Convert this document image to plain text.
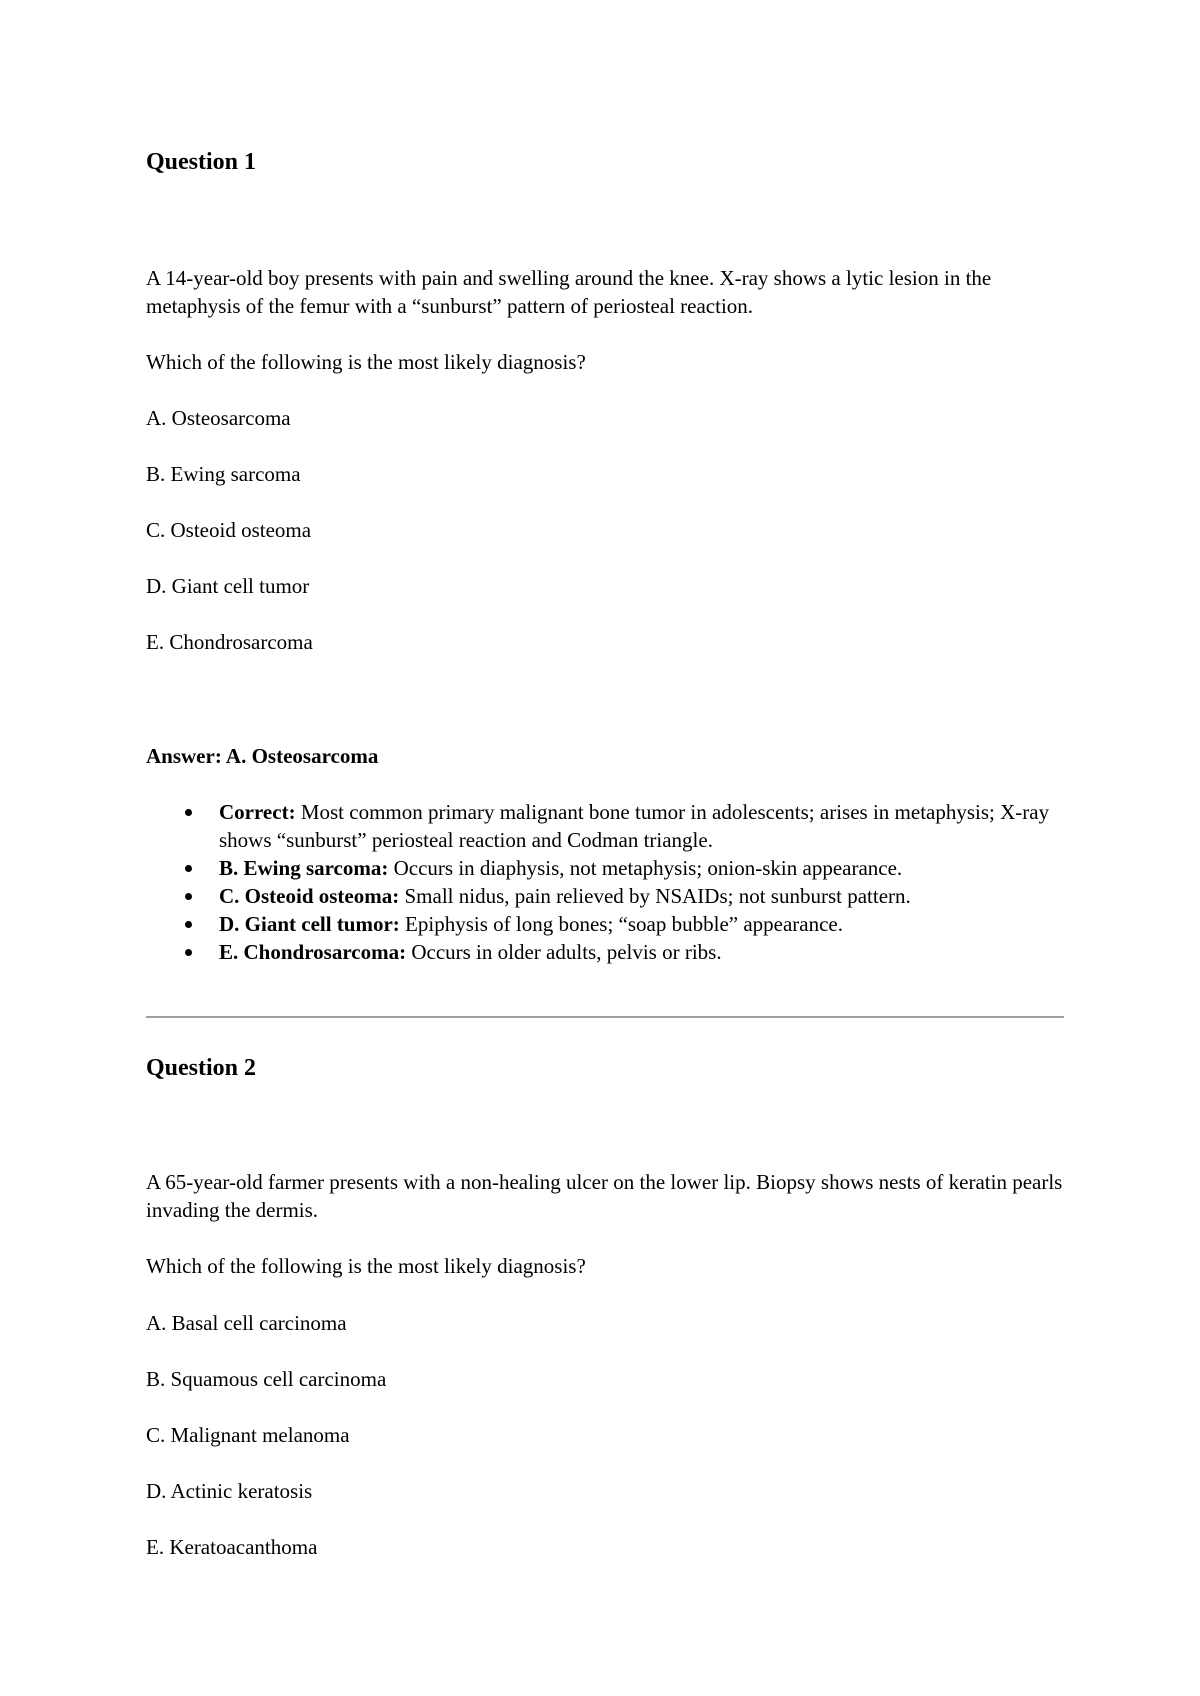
Question 1

A 14-year-old boy presents with pain and swelling around the knee. X-ray shows a lytic lesion in the metaphysis of the femur with a “sunburst” pattern of periosteal reaction.

Which of the following is the most likely diagnosis?

A. Osteosarcoma

B. Ewing sarcoma

C. Osteoid osteoma

D. Giant cell tumor

E. Chondrosarcoma

Answer: A. Osteosarcoma

Correct: Most common primary malignant bone tumor in adolescents; arises in metaphysis; X-ray shows “sunburst” periosteal reaction and Codman triangle.
B. Ewing sarcoma: Occurs in diaphysis, not metaphysis; onion-skin appearance.
C. Osteoid osteoma: Small nidus, pain relieved by NSAIDs; not sunburst pattern.
D. Giant cell tumor: Epiphysis of long bones; “soap bubble” appearance.
E. Chondrosarcoma: Occurs in older adults, pelvis or ribs.
Question 2

A 65-year-old farmer presents with a non-healing ulcer on the lower lip. Biopsy shows nests of keratin pearls invading the dermis.

Which of the following is the most likely diagnosis?

A. Basal cell carcinoma

B. Squamous cell carcinoma

C. Malignant melanoma

D. Actinic keratosis

E. Keratoacanthoma
